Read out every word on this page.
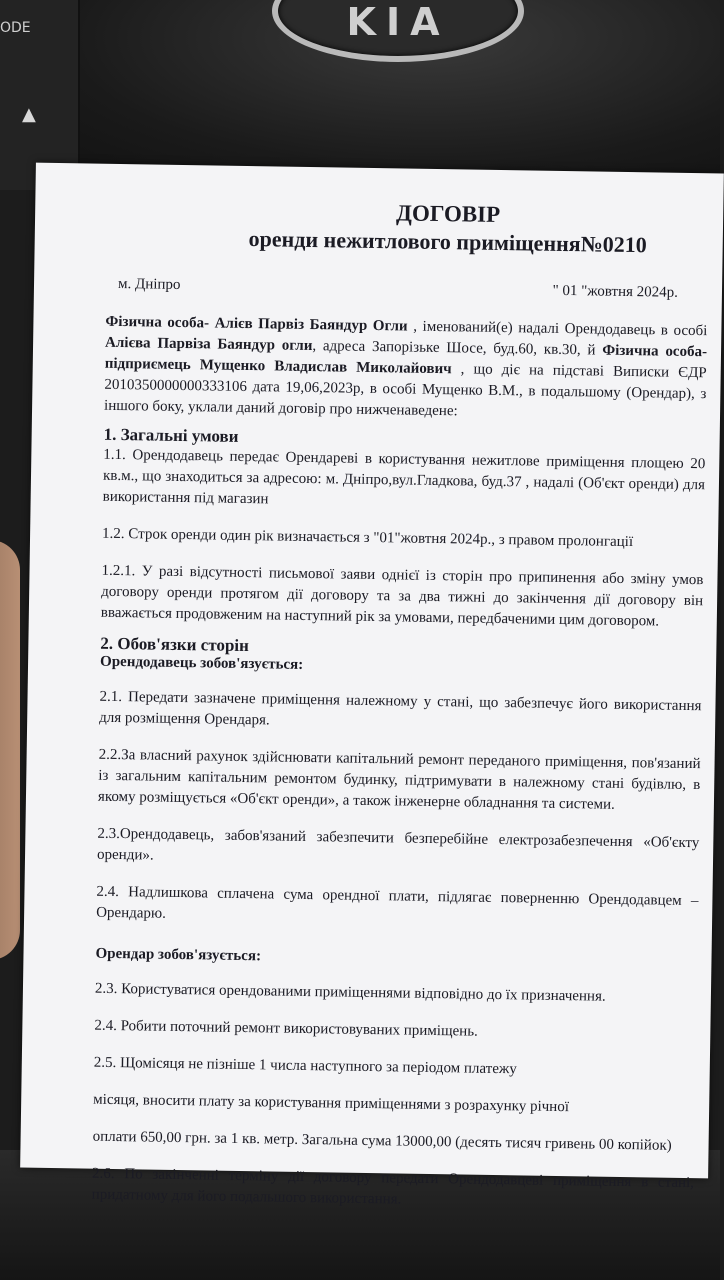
KIA
ODE
▲
ДОГОВІР
оренди нежитлового приміщення№0210
м. Дніпро	" 01 "жовтня 2024р.

Фізична особа- Алієв Парвіз Баяндур Огли , іменований(е) надалі Орендодавець в особі Алієва Парвіза Баяндур огли, адреса Запорізьке Шосе, буд.60, кв.30, й Фізична особа- підприємець Мущенко Владислав Миколайович , що діє на підставі Виписки ЄДР 2010350000000333106 дата 19,06,2023р, в особі Мущенко В.М., в подальшому (Орендар), з іншого боку, уклали даний договір про нижченаведене:

1. Загальні умови

1.1. Орендодавець передає Орендареві в користування нежитлове приміщення площею 20 кв.м., що знаходиться за адресою: м. Дніпро,вул.Гладкова, буд.37 , надалі (Об'єкт оренди) для використання під магазин

1.2. Строк оренди один рік визначається з "01"жовтня 2024р., з правом пролонгації

1.2.1. У разі відсутності письмової заяви однієї із сторін про припинення або зміну умов договору оренди протягом дії договору та за два тижні до закінчення дії договору він вважається продовженим на наступний рік за умовами, передбаченими цим договором.

2. Обов'язки сторін
Орендодавець зобов'язується:

2.1. Передати зазначене приміщення належному у стані, що забезпечує його використання для розміщення Орендаря.

2.2.За власний рахунок здійснювати капітальний ремонт переданого приміщення, пов'язаний із загальним капітальним ремонтом будинку, підтримувати в належному стані будівлю, в якому розміщується «Об'єкт оренди», а також інженерне обладнання та системи.

2.3.Орендодавець, забов'язаний забезпечити безперебійне електрозабезпечення «Об'єкту оренди».

2.4. Надлишкова сплачена сума орендної плати, підлягає поверненню Орендодавцем – Орендарю.

Орендар зобов'язується:

2.3. Користуватися орендованими приміщеннями відповідно до їх призначення.

2.4. Робити поточний ремонт використовуваних приміщень.

2.5. Щомісяця не пізніше 1 числа наступного за періодом платежу

місяця, вносити плату за користування приміщеннями з розрахунку річної

оплати 650,00 грн. за 1 кв. метр. Загальна сума 13000,00 (десять тисяч гривень 00 копійок)

2.6. По закінченні терміну дії договору передати Орендодавцеві приміщення в стані, придатному для його подальшого використання.
